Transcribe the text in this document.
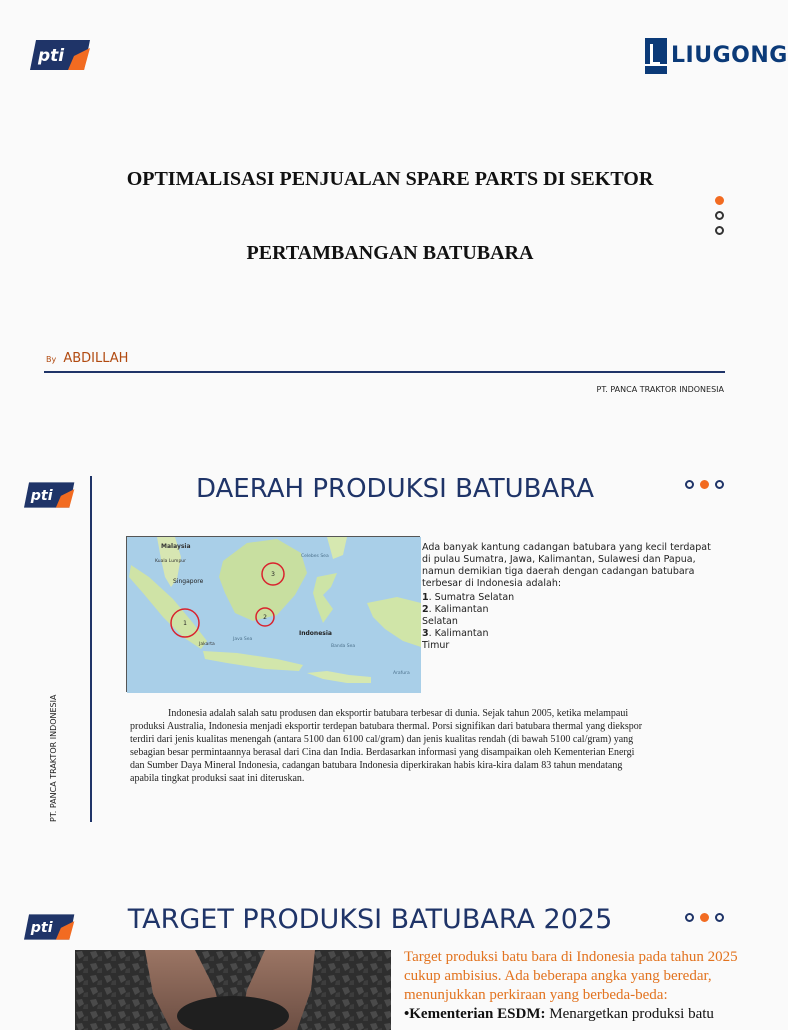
pti	LIUGONG
OPTIMALISASI PENJUALAN SPARE PARTS DI SEKTOR
PERTAMBANGAN BATUBARA
By ABDILLAH
PT. PANCA TRAKTOR INDONESIA
pti
PT. PANCA TRAKTOR INDONESIA
DAERAH PRODUKSI BATUBARA
1
2
3
Malaysia
Kuala Lumpur
Singapore
Celebes Sea
Indonesia
Java Sea
Banda Sea
Jakarta
Arafura
Ada banyak kantung cadangan batubara yang kecil terdapat di pulau Sumatra, Jawa, Kalimantan, Sulawesi dan Papua, namun demikian tiga daerah dengan cadangan batubara terbesar di Indonesia adalah:
1. Sumatra Selatan
2. Kalimantan Selatan
3. Kalimantan Timur

Indonesia adalah salah satu produsen dan eksportir batubara terbesar di dunia. Sejak tahun 2005, ketika melampaui produksi Australia, Indonesia menjadi eksportir terdepan batubara thermal. Porsi signifikan dari batubara thermal yang diekspor terdiri dari jenis kualitas menengah (antara 5100 dan 6100 cal/gram) dan jenis kualitas rendah (di bawah 5100 cal/gram) yang sebagian besar permintaannya berasal dari Cina dan India. Berdasarkan informasi yang disampaikan oleh Kementerian Energi dan Sumber Daya Mineral Indonesia, cadangan batubara Indonesia diperkirakan habis kira-kira dalam 83 tahun mendatang apabila tingkat produksi saat ini diteruskan.

pti	TARGET PRODUKSI BATUBARA 2025
Target produksi batu bara di Indonesia pada tahun 2025 cukup ambisius. Ada beberapa angka yang beredar, menunjukkan perkiraan yang berbeda-beda:
•Kementerian ESDM: Menargetkan produksi batu
